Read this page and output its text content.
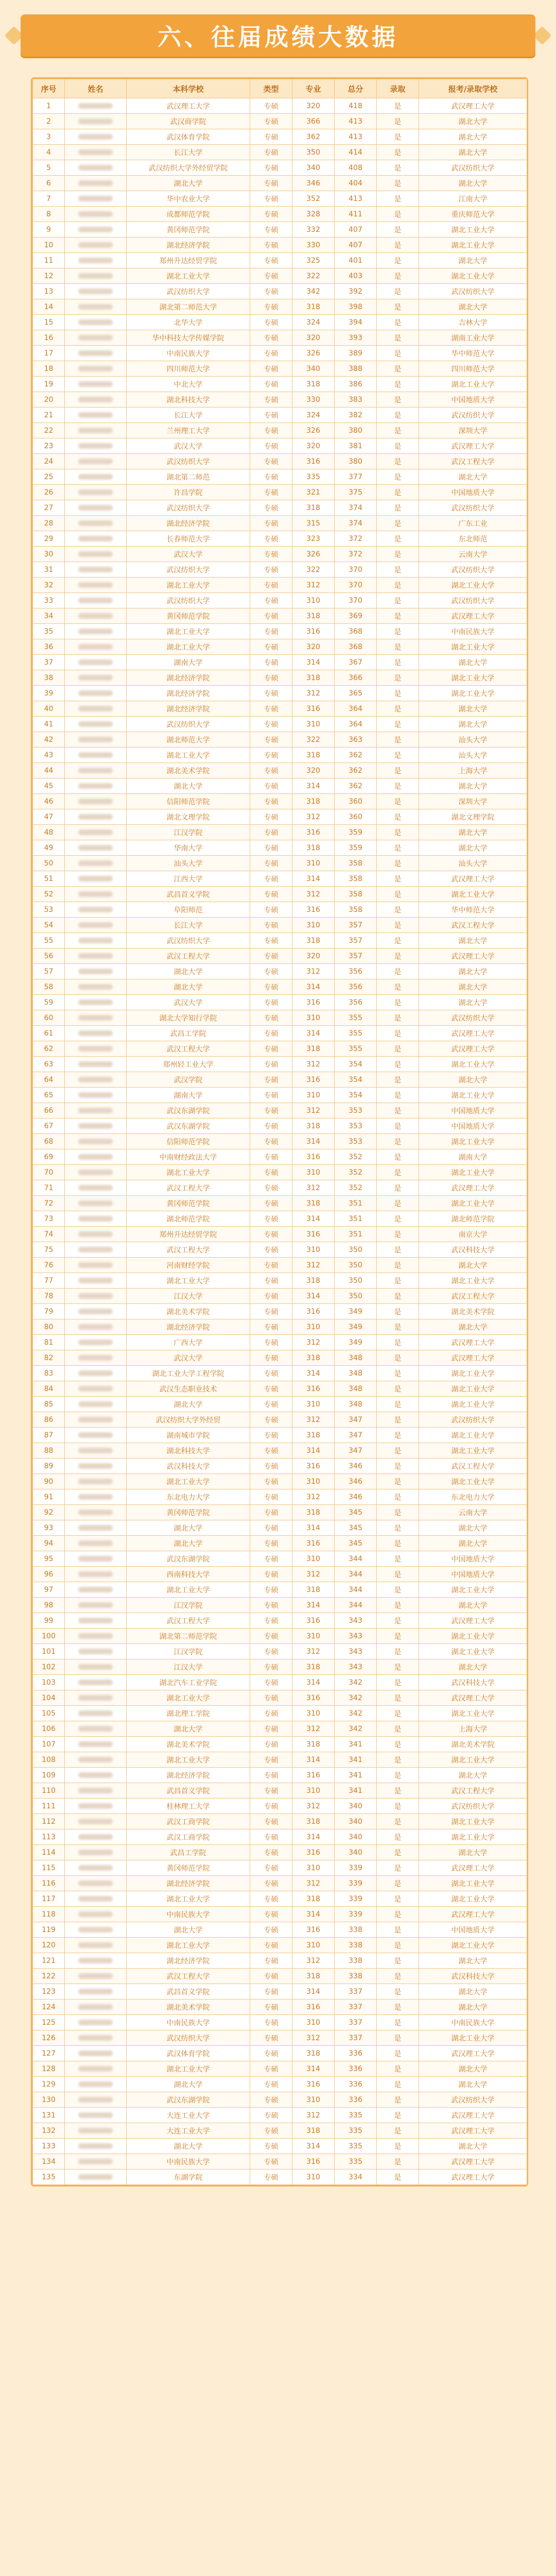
六、往届成绩大数据
序号	姓名	本科学校	类型	专业	总分	录取	报考/录取学校
1		武汉理工大学	专硕	320	418	是	武汉理工大学
2		武汉商学院	专硕	366	413	是	湖北大学
3		武汉体育学院	专硕	362	413	是	湖北大学
4		长江大学	专硕	350	414	是	湖北大学
5		武汉纺织大学外经贸学院	专硕	340	408	是	武汉纺织大学
6		湖北大学	专硕	346	404	是	湖北大学
7		华中农业大学	专硕	352	413	是	江南大学
8		成都师范学院	专硕	328	411	是	重庆师范大学
9		黄冈师范学院	专硕	332	407	是	湖北工业大学
10		湖北经济学院	专硕	330	407	是	湖北工业大学
11		郑州升达经贸学院	专硕	325	401	是	湖北大学
12		湖北工业大学	专硕	322	403	是	湖北工业大学
13		武汉纺织大学	专硕	342	392	是	武汉纺织大学
14		湖北第二师范大学	专硕	318	398	是	湖北大学
15		北华大学	专硕	324	394	是	吉林大学
16		华中科技大学传媒学院	专硕	320	393	是	湖南工业大学
17		中南民族大学	专硕	326	389	是	华中师范大学
18		四川师范大学	专硕	340	388	是	四川师范大学
19		中北大学	专硕	318	386	是	湖北工业大学
20		湖北科技大学	专硕	330	383	是	中国地质大学
21		长江大学	专硕	324	382	是	武汉纺织大学
22		兰州理工大学	专硕	326	380	是	深圳大学
23		武汉大学	专硕	320	381	是	武汉理工大学
24		武汉纺织大学	专硕	316	380	是	武汉工程大学
25		湖北第二师范	专硕	335	377	是	湖北大学
26		许昌学院	专硕	321	375	是	中国地质大学
27		武汉纺织大学	专硕	318	374	是	武汉纺织大学
28		湖北经济学院	专硕	315	374	是	广东工业
29		长春师范大学	专硕	323	372	是	东北师范
30		武汉大学	专硕	326	372	是	云南大学
31		武汉纺织大学	专硕	322	370	是	武汉纺织大学
32		湖北工业大学	专硕	312	370	是	湖北工业大学
33		武汉纺织大学	专硕	310	370	是	武汉纺织大学
34		黄冈师范学院	专硕	318	369	是	武汉理工大学
35		湖北工业大学	专硕	316	368	是	中南民族大学
36		湖北工业大学	专硕	320	368	是	湖北工业大学
37		湖南大学	专硕	314	367	是	湖北大学
38		湖北经济学院	专硕	318	366	是	湖北工业大学
39		湖北经济学院	专硕	312	365	是	湖北工业大学
40		湖北经济学院	专硕	316	364	是	湖北大学
41		武汉纺织大学	专硕	310	364	是	湖北大学
42		湖北师范大学	专硕	322	363	是	汕头大学
43		湖北工业大学	专硕	318	362	是	汕头大学
44		湖北美术学院	专硕	320	362	是	上海大学
45		湖北大学	专硕	314	362	是	湖北大学
46		信阳师范学院	专硕	318	360	是	深圳大学
47		湖北文理学院	专硕	312	360	是	湖北文理学院
48		江汉学院	专硕	316	359	是	湖北大学
49		华南大学	专硕	318	359	是	湖北大学
50		汕头大学	专硕	310	358	是	汕头大学
51		江西大学	专硕	314	358	是	武汉理工大学
52		武昌首义学院	专硕	312	358	是	湖北工业大学
53		阜阳师范	专硕	316	358	是	华中师范大学
54		长江大学	专硕	310	357	是	武汉工程大学
55		武汉纺织大学	专硕	318	357	是	湖北大学
56		武汉工程大学	专硕	320	357	是	武汉理工大学
57		湖北大学	专硕	312	356	是	湖北大学
58		湖北大学	专硕	314	356	是	湖北大学
59		武汉大学	专硕	316	356	是	湖北大学
60		湖北大学知行学院	专硕	310	355	是	武汉纺织大学
61		武昌工学院	专硕	314	355	是	武汉理工大学
62		武汉工程大学	专硕	318	355	是	武汉理工大学
63		郑州轻工业大学	专硕	312	354	是	湖北工业大学
64		武汉学院	专硕	316	354	是	湖北大学
65		湖南大学	专硕	310	354	是	湖北工业大学
66		武汉东湖学院	专硕	312	353	是	中国地质大学
67		武汉东湖学院	专硕	318	353	是	中国地质大学
68		信阳师范学院	专硕	314	353	是	湖北工业大学
69		中南财经政法大学	专硕	316	352	是	湖南大学
70		湖北工业大学	专硕	310	352	是	湖北工业大学
71		武汉工程大学	专硕	312	352	是	武汉理工大学
72		黄冈师范学院	专硕	318	351	是	湖北工业大学
73		湖北师范学院	专硕	314	351	是	湖北师范学院
74		郑州升达经贸学院	专硕	316	351	是	南京大学
75		武汉工程大学	专硕	310	350	是	武汉科技大学
76		河南财经学院	专硕	312	350	是	湖北大学
77		湖北工业大学	专硕	318	350	是	湖北工业大学
78		江汉大学	专硕	314	350	是	武汉工程大学
79		湖北美术学院	专硕	316	349	是	湖北美术学院
80		湖北经济学院	专硕	310	349	是	湖北大学
81		广西大学	专硕	312	349	是	武汉理工大学
82		武汉大学	专硕	318	348	是	武汉理工大学
83		湖北工业大学工程学院	专硕	314	348	是	湖北工业大学
84		武汉生态职业技术	专硕	316	348	是	湖北工业大学
85		湖北大学	专硕	310	348	是	湖北工业大学
86		武汉纺织大学外经贸	专硕	312	347	是	武汉纺织大学
87		湖南城市学院	专硕	318	347	是	湖北工业大学
88		湖北科技大学	专硕	314	347	是	湖北工业大学
89		武汉科技大学	专硕	316	346	是	武汉工程大学
90		湖北工业大学	专硕	310	346	是	湖北工业大学
91		东北电力大学	专硕	312	346	是	东北电力大学
92		黄冈师范学院	专硕	318	345	是	云南大学
93		湖北大学	专硕	314	345	是	湖北大学
94		湖北大学	专硕	316	345	是	湖北大学
95		武汉东湖学院	专硕	310	344	是	中国地质大学
96		西南科技大学	专硕	312	344	是	中国地质大学
97		湖北工业大学	专硕	318	344	是	湖北工业大学
98		江汉学院	专硕	314	344	是	湖北大学
99		武汉工程大学	专硕	316	343	是	武汉理工大学
100		湖北第二师范学院	专硕	310	343	是	湖北工业大学
101		江汉学院	专硕	312	343	是	湖北工业大学
102		江汉大学	专硕	318	343	是	湖北大学
103		湖北汽车工业学院	专硕	314	342	是	武汉科技大学
104		湖北工业大学	专硕	316	342	是	武汉理工大学
105		湖北理工学院	专硕	310	342	是	湖北工业大学
106		湖北大学	专硕	312	342	是	上海大学
107		湖北美术学院	专硕	318	341	是	湖北美术学院
108		湖北工业大学	专硕	314	341	是	湖北工业大学
109		湖北经济学院	专硕	316	341	是	湖北大学
110		武昌首义学院	专硕	310	341	是	武汉工程大学
111		桂林理工大学	专硕	312	340	是	武汉纺织大学
112		武汉工商学院	专硕	318	340	是	湖北工业大学
113		武汉工商学院	专硕	314	340	是	湖北工业大学
114		武昌工学院	专硕	316	340	是	湖北大学
115		黄冈师范学院	专硕	310	339	是	武汉理工大学
116		湖北经济学院	专硕	312	339	是	湖北工业大学
117		湖北工业大学	专硕	318	339	是	湖北工业大学
118		中南民族大学	专硕	314	339	是	武汉理工大学
119		湖北大学	专硕	316	338	是	中国地质大学
120		湖北工业大学	专硕	310	338	是	湖北工业大学
121		湖北经济学院	专硕	312	338	是	湖北大学
122		武汉工程大学	专硕	318	338	是	武汉科技大学
123		武昌首义学院	专硕	314	337	是	湖北大学
124		湖北美术学院	专硕	316	337	是	湖北大学
125		中南民族大学	专硕	310	337	是	中南民族大学
126		武汉纺织大学	专硕	312	337	是	湖北工业大学
127		武汉体育学院	专硕	318	336	是	武汉理工大学
128		湖北工业大学	专硕	314	336	是	湖北大学
129		湖北大学	专硕	316	336	是	湖北大学
130		武汉东湖学院	专硕	310	336	是	武汉纺织大学
131		大连工业大学	专硕	312	335	是	武汉理工大学
132		大连工业大学	专硕	318	335	是	武汉理工大学
133		湖北大学	专硕	314	335	是	湖北大学
134		中南民族大学	专硕	316	335	是	武汉理工大学
135		东湖学院	专硕	310	334	是	武汉理工大学
